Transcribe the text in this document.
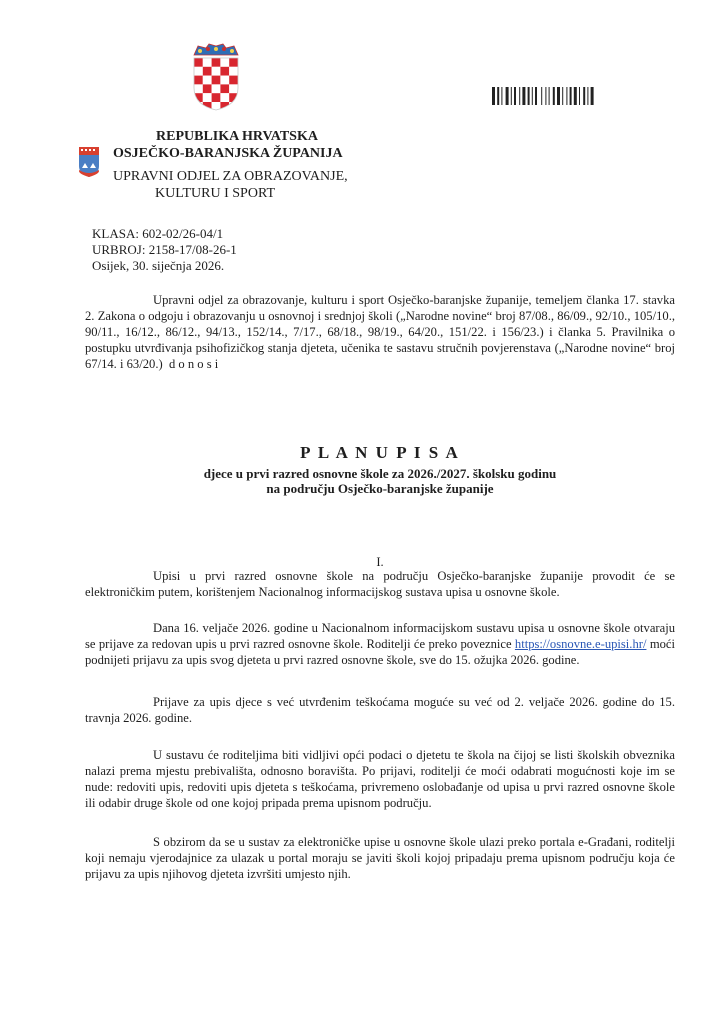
REPUBLIKA HRVATSKA
OSJEČKO-BARANJSKA ŽUPANIJA
UPRAVNI ODJEL ZA OBRAZOVANJE,
KULTURU I SPORT
KLASA: 602-02/26-04/1
URBROJ: 2158-17/08-26-1
Osijek, 30. siječnja 2026.
Upravni odjel za obrazovanje, kulturu i sport Osječko-baranjske županije, temeljem članka 17. stavka 2. Zakona o odgoju i obrazovanju u osnovnoj i srednjoj školi („Narodne novine“ broj 87/08., 86/09., 92/10., 105/10., 90/11., 16/12., 86/12., 94/13., 152/14., 7/17., 68/18., 98/19., 64/20., 151/22. i 156/23.) i članka 5. Pravilnika o postupku utvrđivanja psihofizičkog stanja djeteta, učenika te sastavu stručnih povjerenstava („Narodne novine“ broj 67/14. i 63/20.) d o n o s i
P L A N U P I S A
djece u prvi razred osnovne škole za 2026./2027. školsku godinu
na području Osječko-baranjske županije
I.
Upisi u prvi razred osnovne škole na području Osječko-baranjske županije provodit će se elektroničkim putem, korištenjem Nacionalnog informacijskog sustava upisa u osnovne škole.
Dana 16. veljače 2026. godine u Nacionalnom informacijskom sustavu upisa u osnovne škole otvaraju se prijave za redovan upis u prvi razred osnovne škole. Roditelji će preko poveznice https://osnovne.e-upisi.hr/ moći podnijeti prijavu za upis svog djeteta u prvi razred osnovne škole, sve do 15. ožujka 2026. godine.
Prijave za upis djece s već utvrđenim teškoćama moguće su već od 2. veljače 2026. godine do 15. travnja 2026. godine.
U sustavu će roditeljima biti vidljivi opći podaci o djetetu te škola na čijoj se listi školskih obveznika nalazi prema mjestu prebivališta, odnosno boravišta. Po prijavi, roditelji će moći odabrati mogućnosti koje im se nude: redoviti upis, redoviti upis djeteta s teškoćama, privremeno oslobađanje od upisa u prvi razred osnovne škole ili odabir druge škole od one kojoj pripada prema upisnom području.
S obzirom da se u sustav za elektroničke upise u osnovne škole ulazi preko portala e-Građani, roditelji koji nemaju vjerodajnice za ulazak u portal moraju se javiti školi kojoj pripadaju prema upisnom području koja će prijavu za upis njihovog djeteta izvršiti umjesto njih.
